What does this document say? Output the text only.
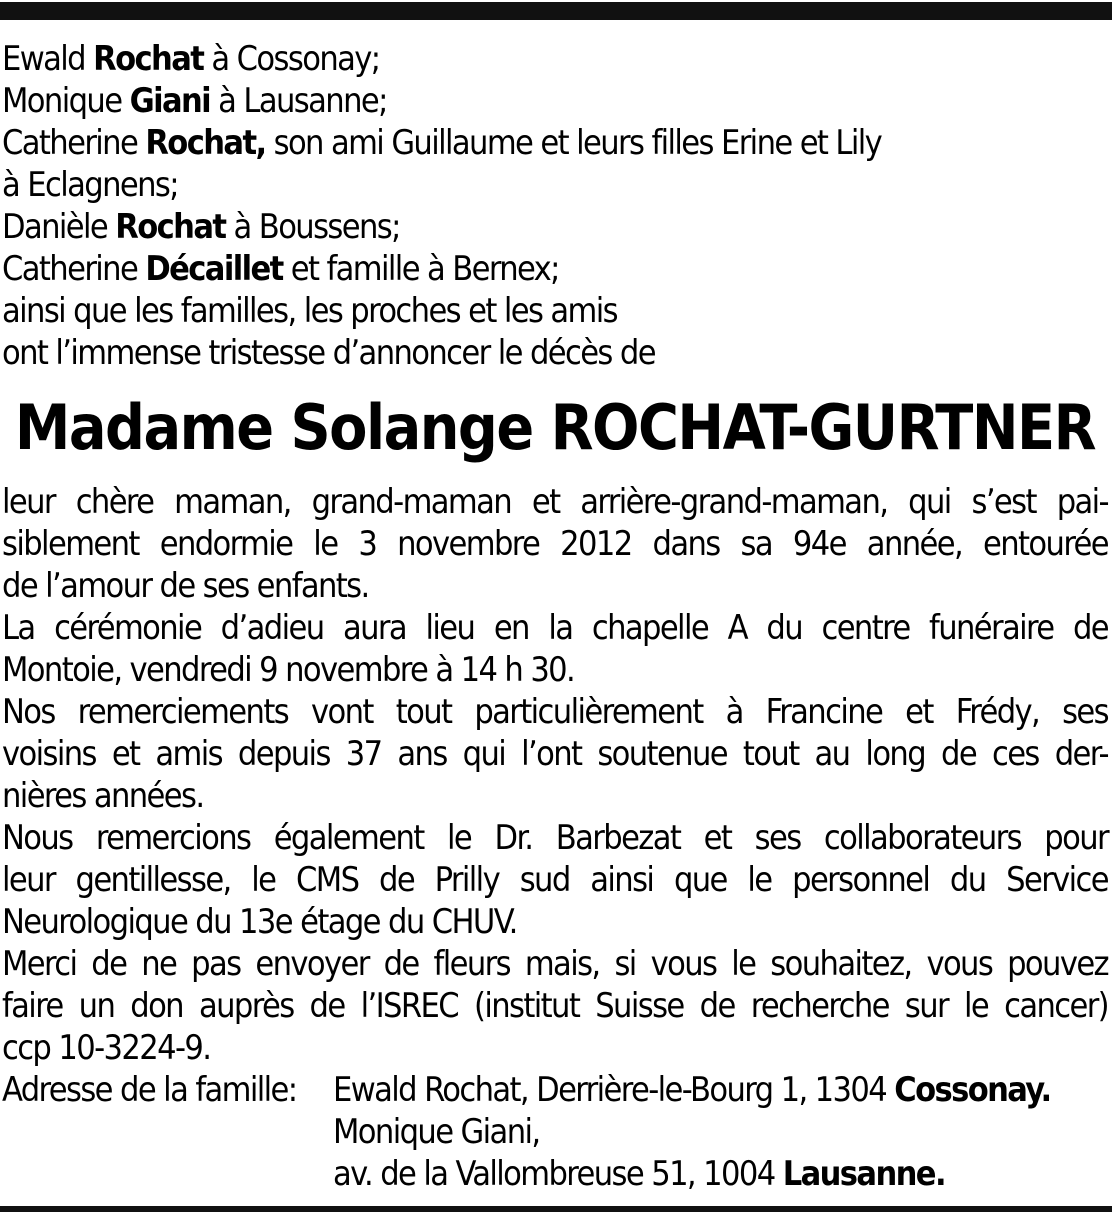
Ewald Rochat à Cossonay;
Monique Giani à Lausanne;
Catherine Rochat, son ami Guillaume et leurs filles Erine et Lily
à Eclagnens;
Danièle Rochat à Boussens;
Catherine Décaillet et famille à Bernex;
ainsi que les familles, les proches et les amis
ont l’immense tristesse d’annoncer le décès de
Madame Solange ROCHAT-GURTNER
leur chère maman, grand-maman et arrière-grand-maman, qui s’est pai-
siblement endormie le 3 novembre 2012 dans sa 94e année, entourée
de l’amour de ses enfants.
La cérémonie d’adieu aura lieu en la chapelle A du centre funéraire de
Montoie, vendredi 9 novembre à 14 h 30.
Nos remerciements vont tout particulièrement à Francine et Frédy, ses
voisins et amis depuis 37 ans qui l’ont soutenue tout au long de ces der-
nières années.
Nous remercions également le Dr. Barbezat et ses collaborateurs pour
leur gentillesse, le CMS de Prilly sud ainsi que le personnel du Service
Neurologique du 13e étage du CHUV.
Merci de ne pas envoyer de fleurs mais, si vous le souhaitez, vous pouvez
faire un don auprès de l’ISREC (institut Suisse de recherche sur le cancer)
ccp 10-3224-9.
Adresse de la famille: Ewald Rochat, Derrière-le-Bourg 1, 1304 Cossonay.
Monique Giani,
av. de la Vallombreuse 51, 1004 Lausanne.
